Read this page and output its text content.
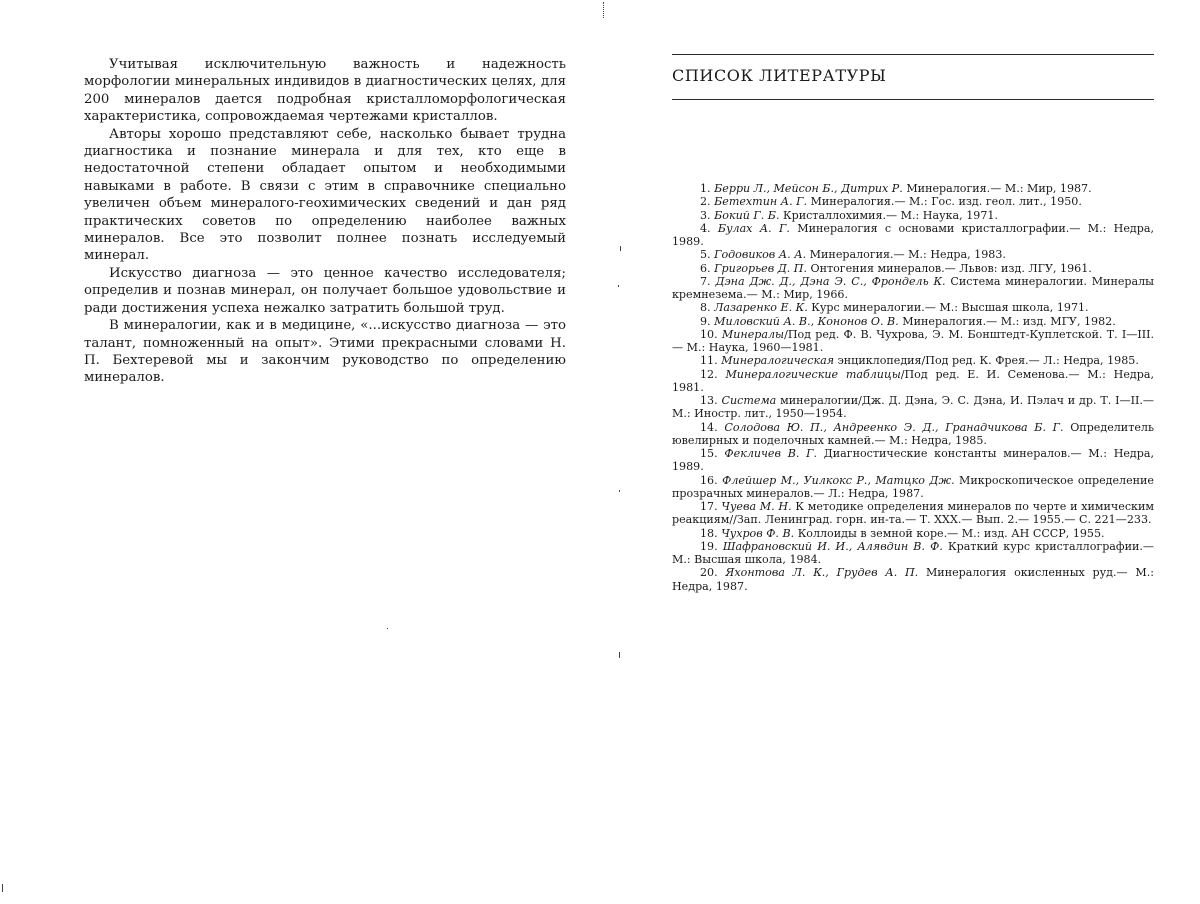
Учитывая исключительную важность и надежность морфологии минеральных индивидов в диагностических целях, для 200 минералов дается подробная кристалломорфологическая характеристика, сопровождаемая чертежами кристаллов.

Авторы хорошо представляют себе, насколько бывает трудна диагностика и познание минерала и для тех, кто еще в недостаточной степени обладает опытом и необходимыми навыками в работе. В связи с этим в справочнике специально увеличен объем минералого-геохимических сведений и дан ряд практических советов по определению наиболее важных минералов. Все это позволит полнее познать исследуемый минерал.

Искусство диагноза — это ценное качество исследователя; определив и познав минерал, он получает большое удовольствие и ради достижения успеха нежалко затратить большой труд.

В минералогии, как и в медицине, «...искусство диагноза — это талант, помноженный на опыт». Этими прекрасными словами Н. П. Бехтеревой мы и закончим руководство по определению минералов.

СПИСОК ЛИТЕРАТУРЫ
1. Берри Л., Мейсон Б., Дитрих Р. Минералогия.— М.: Мир, 1987.
2. Бетехтин А. Г. Минералогия.— М.: Гос. изд. геол. лит., 1950.
3. Бокий Г. Б. Кристаллохимия.— М.: Наука, 1971.
4. Булах А. Г. Минералогия с основами кристаллографии.— М.: Недра, 1989.
5. Годовиков А. А. Минералогия.— М.: Недра, 1983.
6. Григорьев Д. П. Онтогения минералов.— Львов: изд. ЛГУ, 1961.
7. Дэна Дж. Д., Дэна Э. С., Фрондель К. Система минералогии. Минералы кремнезема.— М.: Мир, 1966.
8. Лазаренко Е. К. Курс минералогии.— М.: Высшая школа, 1971.
9. Миловский А. В., Кононов О. В. Минералогия.— М.: изд. МГУ, 1982.
10. Минералы/Под ред. Ф. В. Чухрова, Э. М. Бонштедт-Куплетской. Т. I—III.— М.: Наука, 1960—1981.
11. Минералогическая энциклопедия/Под ред. К. Фрея.— Л.: Недра, 1985.
12. Минералогические таблицы/Под ред. Е. И. Семенова.— М.: Недра, 1981.
13. Система минералогии/Дж. Д. Дэна, Э. С. Дэна, И. Пэлач и др. Т. I—II.— М.: Иностр. лит., 1950—1954.
14. Солодова Ю. П., Андреенко Э. Д., Гранадчикова Б. Г. Определитель ювелирных и поделочных камней.— М.: Недра, 1985.
15. Фекличев В. Г. Диагностические константы минералов.— М.: Недра, 1989.
16. Флейшер М., Уилкокс Р., Матцко Дж. Микроскопическое определение прозрачных минералов.— Л.: Недра, 1987.
17. Чуева М. Н. К методике определения минералов по черте и химическим реакциям//Зап. Ленинград. горн. ин-та.— Т. XXX.— Вып. 2.— 1955.— С. 221—233.
18. Чухров Ф. В. Коллоиды в земной коре.— М.: изд. АН СССР, 1955.
19. Шафрановский И. И., Алявдин В. Ф. Краткий курс кристаллографии.— М.: Высшая школа, 1984.
20. Яхонтова Л. К., Грудев А. П. Минералогия окисленных руд.— М.: Недра, 1987.
